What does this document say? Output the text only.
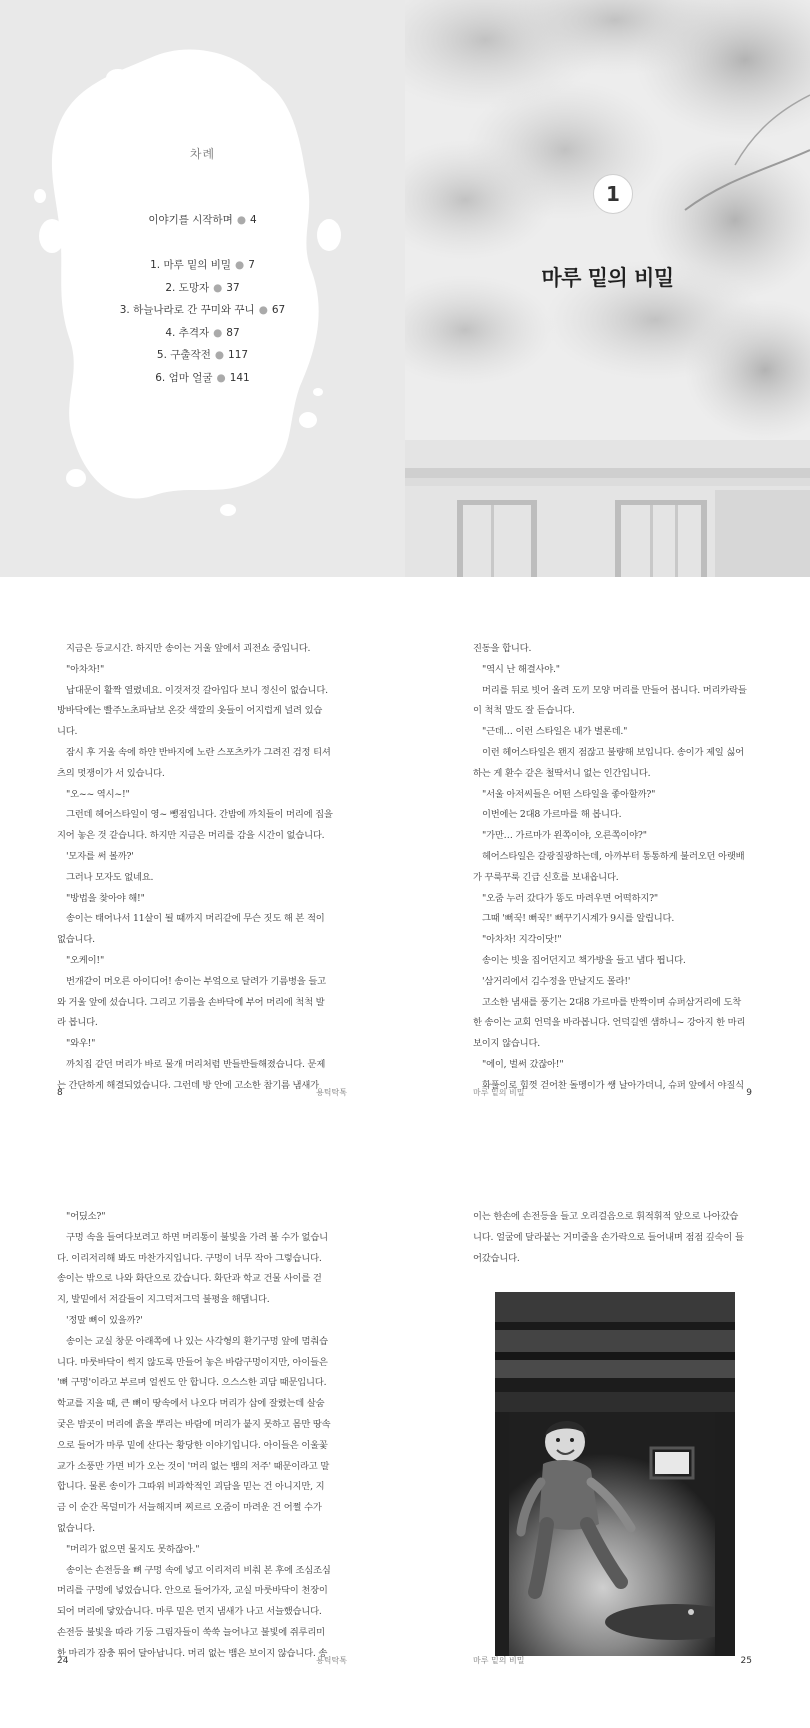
차례
이야기를 시작하며 ● 4
1. 마루 밑의 비밀 ● 7
2. 도망자 ● 37
3. 하늘나라로 간 꾸미와 꾸니 ● 67
4. 추격자 ● 87
5. 구출작전 ● 117
6. 엄마 얼굴 ● 141
1
마루 밑의 비밀
지금은 등교시간. 하지만 송이는 거울 앞에서 괴전쇼 중입니다.
"아차차!"
납대문이 활짝 열렸네요. 이것저것 갈아입다 보니 정신이 없습니다.
방바닥에는 빨주노초파남보 온갖 색깔의 옷들이 어지럽게 널려 있습
니다.
잠시 후 거울 속에 하얀 반바지에 노란 스포츠카가 그려진 검정 티셔
츠의 멋쟁이가 서 있습니다.
"오~~ 역시~!"
그런데 헤어스타일이 영~ 뺑점입니다. 간밤에 까치들이 머리에 집을
지어 놓은 것 같습니다. 하지만 지금은 머리를 감을 시간이 없습니다.
'모자를 써 볼까?'
그러나 모자도 없네요.
"방법을 찾아야 해!"
송이는 태어나서 11살이 될 때까지 머리같에 무슨 짓도 해 본 적이
없습니다.
"오케이!"
번개같이 머오른 아이디어! 송이는 부엌으로 달려가 기름병을 들고
와 거울 앞에 섰습니다. 그리고 기름을 손바닥에 부어 머리에 척척 발
라 봅니다.
"와우!"
까치집 같던 머리가 바로 물개 머리처럼 반들반들해졌습니다. 문제
는 간단하게 해결되었습니다. 그런데 방 안에 고소한 참기름 냄새가
8	용틱탁톡
진동을 합니다.
"역시 난 해결사야."
머리를 뒤로 빗어 올려 도끼 모양 머리를 만들어 봅니다. 머리카락들
이 척척 말도 잘 듣습니다.
"근데… 이런 스타일은 내가 별론데."
이런 헤어스타일은 왠지 점잖고 불량해 보입니다. 송이가 제일 싫어
하는 게 환수 같은 철딱서니 없는 인간입니다.
"서울 아저씨들은 어떤 스타일을 좋아할까?"
이번에는 2대8 가르마를 해 봅니다.
"가만… 가르마가 왼쪽이야, 오른쪽이야?"
헤어스타일은 갈광질광하는데, 아까부터 통통하게 불러오던 아랫배
가 꾸룩꾸룩 긴급 신호를 보내옵니다.
"오줌 누러 갔다가 똥도 마려우면 어떡하지?"
그때 '뻐꾹! 뻐꾹!' 뻐꾸기시계가 9시를 알립니다.
"아차차! 지각이닷!"
송이는 빗을 집어던지고 책가방을 들고 냅다 뜁니다.
'삼거리에서 김수정을 만날지도 몰라!'
고소한 냄새를 풍기는 2대8 가르마를 반짝이며 슈퍼삼거리에 도착
한 송이는 교회 언덕을 바라봅니다. 언덕길엔 샘하니~ 강아지 한 마리
보이지 않습니다.
"에이, 벌써 갔잖아!"
화풀이로 힘껏 걷어찬 돌멩이가 쌩 날아가더니, 슈퍼 앞에서 야질식
마루 밑의 비밀	9
"어딨소?"
구멍 속을 들여다보려고 하면 머리통이 불빛을 가려 볼 수가 없습니
다. 이리저리해 봐도 마찬가지입니다. 구멍이 너무 작아 그렇습니다.
송이는 밖으로 나와 화단으로 갔습니다. 화단과 학교 건물 사이를 걷
지, 발밑에서 저갈들이 지그덕저그덕 불평을 해댑니다.
'정말 뼈이 있을까?'
송이는 교실 창문 아래쪽에 나 있는 사각형의 환기구멍 앞에 멈춰습
니다. 마룻바닥이 썩지 않도록 만들어 놓은 바람구멍이지만, 아이들은
'뼈 구멍'이라고 부르며 얼씬도 안 합니다. 으스스한 괴담 때문입니다.
학교를 지을 때, 큰 뼈이 땅속에서 나오다 머리가 삽에 잘렸는데 살숨
궂은 밤곳이 머리에 흙을 뿌리는 바람에 머리가 붙지 못하고 몸만 땅속
으로 들어가 마루 밑에 산다는 황당한 이야기입니다. 아이들은 이울꽃
교가 소풍만 가면 비가 오는 것이 '머리 없는 뱀의 저주' 때문이라고 말
합니다. 물론 송이가 그따위 비과학적인 괴담을 믿는 건 아니지만, 지
금 이 순간 목덜미가 서늘해지며 찌르르 오줌이 마려운 건 어쩔 수가
없습니다.
"머리가 없으면 물지도 못하잖아."
송이는 손전등을 뼈 구멍 속에 넣고 이리저리 비춰 본 후에 조심조심
머리를 구멍에 넣었습니다. 안으로 들어가자, 교실 마룻바닥이 천장이
되어 머리에 닿았습니다. 마루 밑은 먼지 냄새가 나고 서늘했습니다.
손전등 불빛을 따라 기둥 그림자들이 쑥쑥 늘어나고 불빛에 쥐루리미
한 마리가 잠충 뛰어 달아납니다. 머리 없는 뱀은 보이지 않습니다. 송
24	용틱탁톡
이는 한손에 손전등을 들고 오리걸음으로 휘적휘적 앞으로 나아갔습
니다. 얼굴에 달라붙는 거미줄을 손가락으로 들어내며 점점 깊숙이 들
어갔습니다.
마루 밑의 비밀	25
